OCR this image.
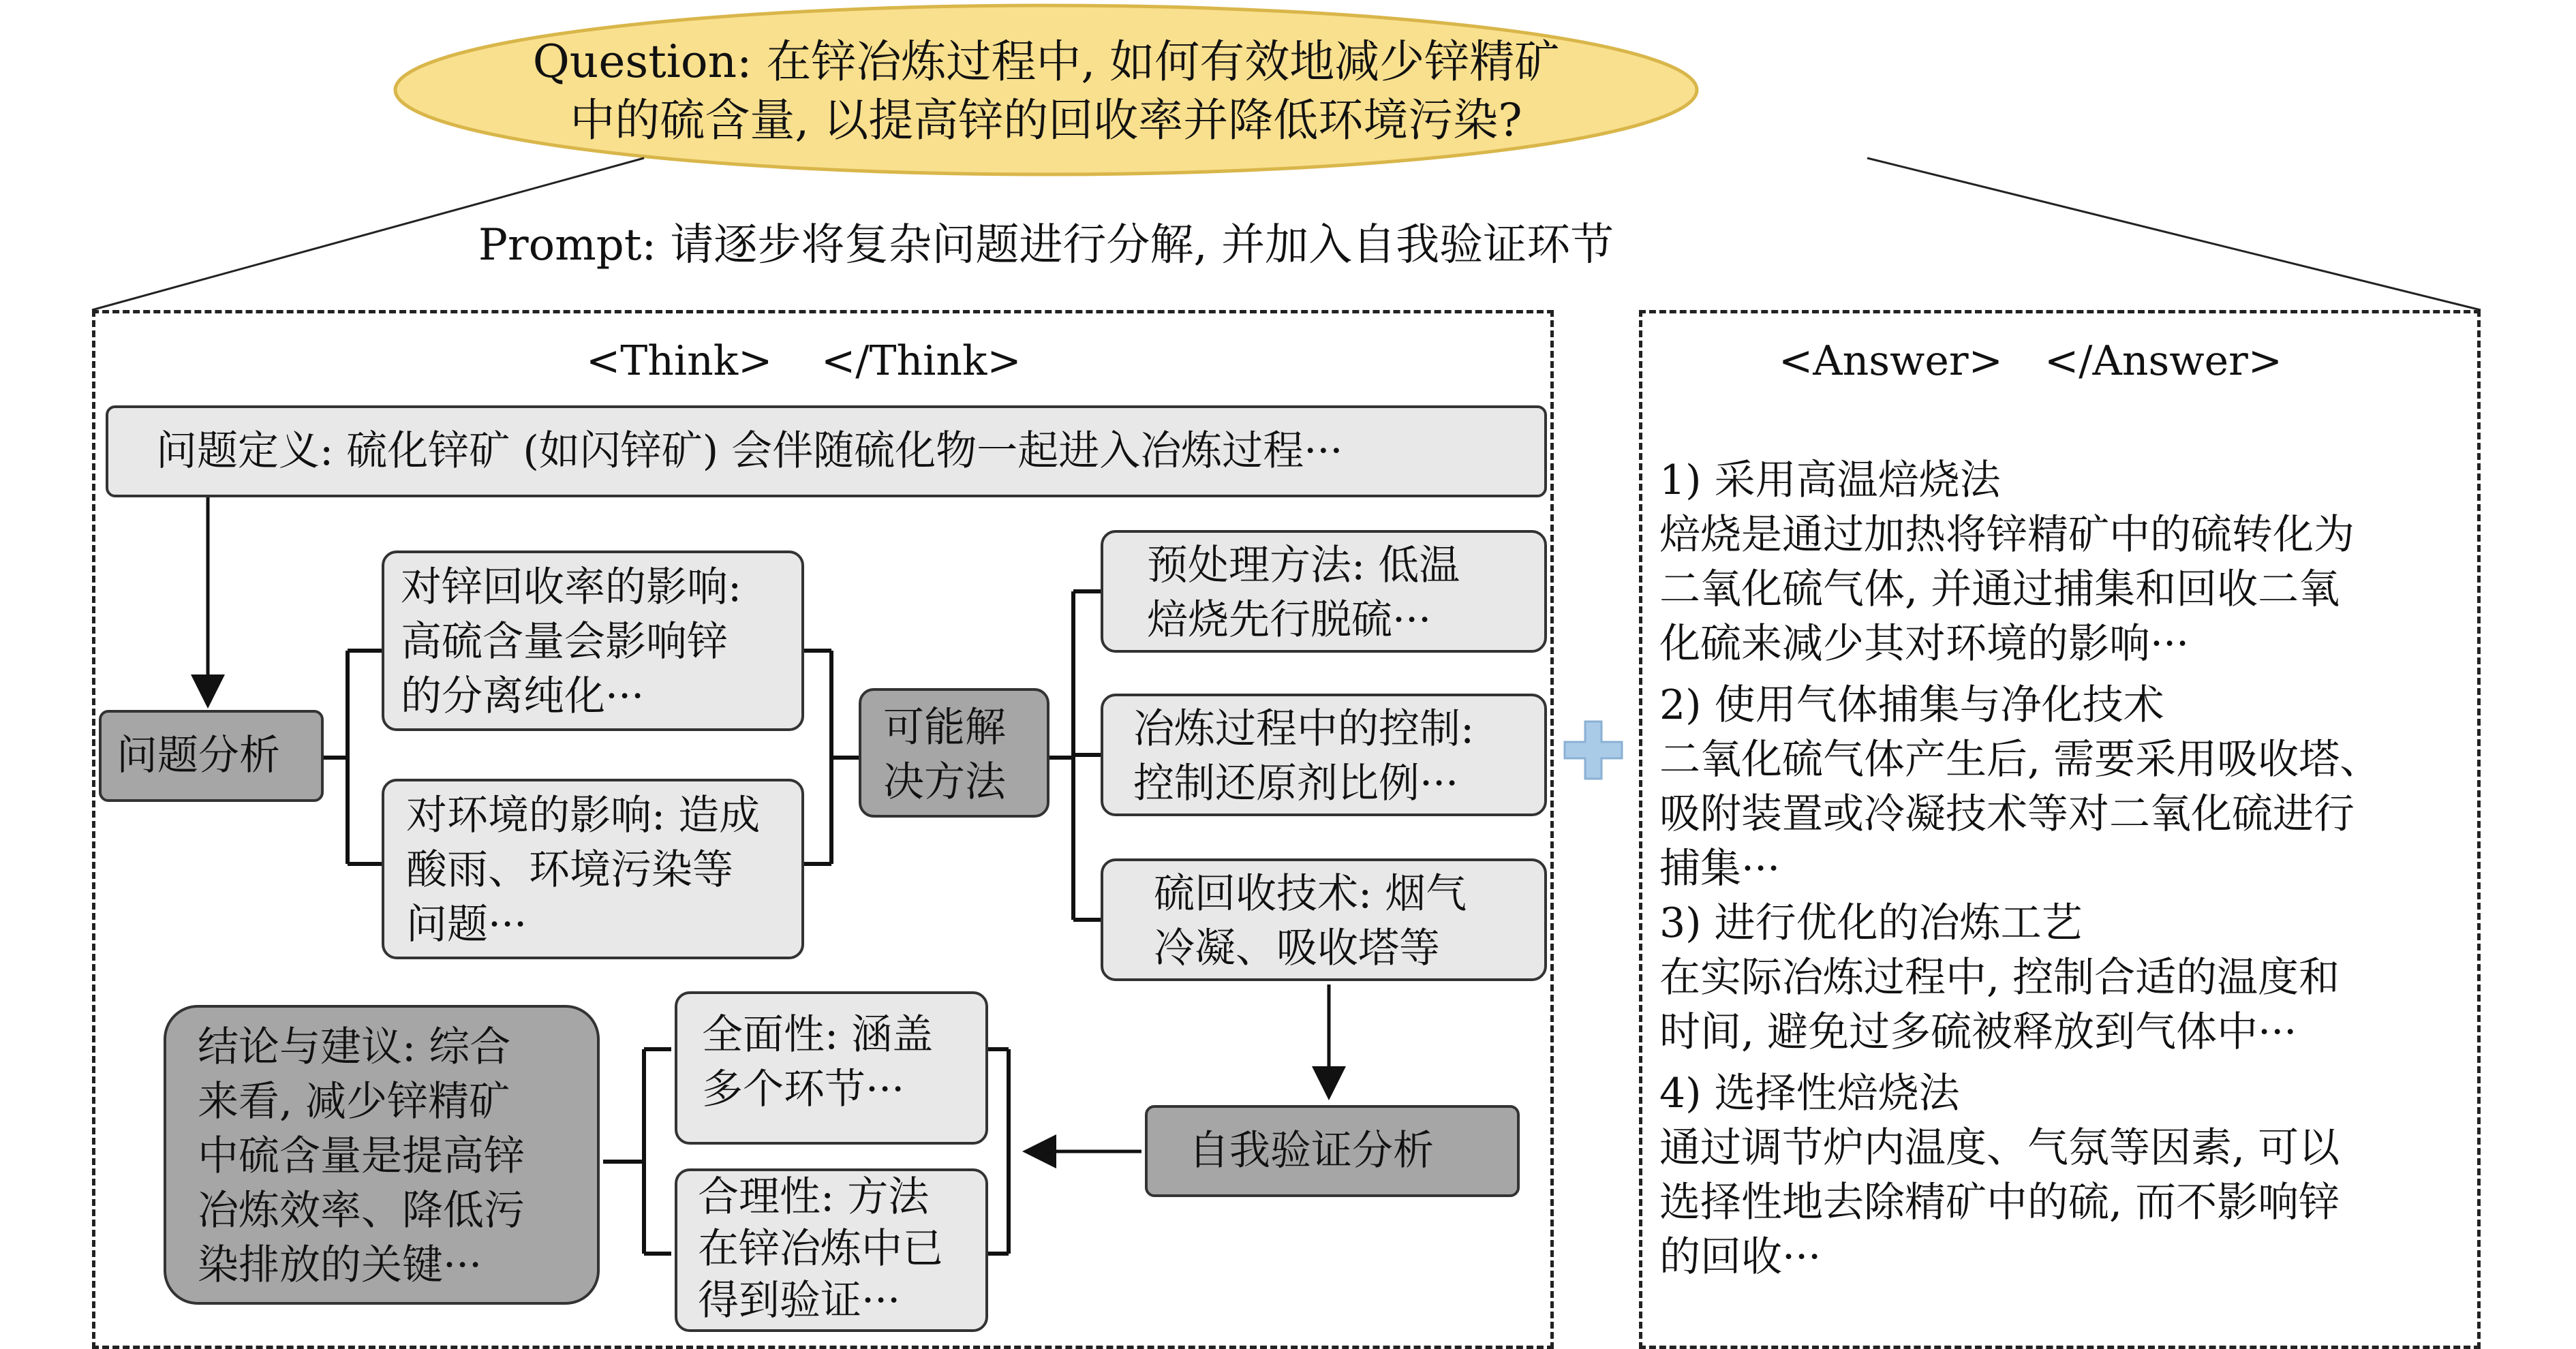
Question: 在锌冶炼过程中, 如何有效地减少锌精矿
中的硫含量, 以提高锌的回收率并降低环境污染?
Prompt: 请逐步将复杂问题进行分解, 并加入自我验证环节
<Think> </Think>
问题定义: 硫化锌矿 (如闪锌矿) 会伴随硫化物一起进入冶炼过程···
问题分析
对锌回收率的影响:
高硫含量会影响锌
的分离纯化···
对环境的影响: 造成
酸雨、环境污染等
问题···
可能解
决方法
预处理方法: 低温
焙烧先行脱硫···
冶炼过程中的控制:
控制还原剂比例···
硫回收技术: 烟气
冷凝、吸收塔等
自我验证分析
全面性: 涵盖
多个环节···
合理性: 方法
在锌冶炼中已
得到验证···
结论与建议: 综合
来看, 减少锌精矿
中硫含量是提高锌
冶炼效率、降低污
染排放的关键···
<Answer> </Answer>
1) 采用高温焙烧法
焙烧是通过加热将锌精矿中的硫转化为
二氧化硫气体, 并通过捕集和回收二氧
化硫来减少其对环境的影响···
2) 使用气体捕集与净化技术
二氧化硫气体产生后, 需要采用吸收塔、
吸附装置或冷凝技术等对二氧化硫进行
捕集···
3) 进行优化的冶炼工艺
在实际冶炼过程中, 控制合适的温度和
时间, 避免过多硫被释放到气体中···
4) 选择性焙烧法
通过调节炉内温度、气氛等因素, 可以
选择性地去除精矿中的硫, 而不影响锌
的回收···
